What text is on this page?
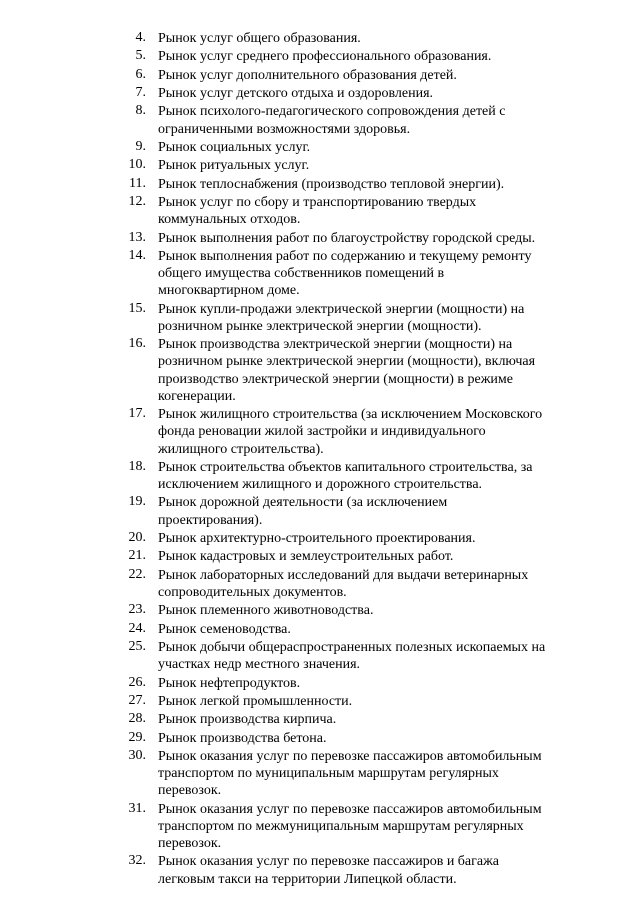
4. Рынок услуг общего образования.
5. Рынок услуг среднего профессионального образования.
6. Рынок услуг дополнительного образования детей.
7. Рынок услуг детского отдыха и оздоровления.
8. Рынок психолого-педагогического сопровождения детей с
ограниченными возможностями здоровья.
9. Рынок социальных услуг.
10. Рынок ритуальных услуг.
11. Рынок теплоснабжения (производство тепловой энергии).
12. Рынок услуг по сбору и транспортированию твердых
коммунальных отходов.
13. Рынок выполнения работ по благоустройству городской среды.
14. Рынок выполнения работ по содержанию и текущему ремонту
общего имущества собственников помещений в
многоквартирном доме.
15. Рынок купли-продажи электрической энергии (мощности) на
розничном рынке электрической энергии (мощности).
16. Рынок производства электрической энергии (мощности) на
розничном рынке электрической энергии (мощности), включая
производство электрической энергии (мощности) в режиме
когенерации.
17. Рынок жилищного строительства (за исключением Московского
фонда реновации жилой застройки и индивидуального
жилищного строительства).
18. Рынок строительства объектов капитального строительства, за
исключением жилищного и дорожного строительства.
19. Рынок дорожной деятельности (за исключением
проектирования).
20. Рынок архитектурно-строительного проектирования.
21. Рынок кадастровых и землеустроительных работ.
22. Рынок лабораторных исследований для выдачи ветеринарных
сопроводительных документов.
23. Рынок племенного животноводства.
24. Рынок семеноводства.
25. Рынок добычи общераспространенных полезных ископаемых на
участках недр местного значения.
26. Рынок нефтепродуктов.
27. Рынок легкой промышленности.
28. Рынок производства кирпича.
29. Рынок производства бетона.
30. Рынок оказания услуг по перевозке пассажиров автомобильным
транспортом по муниципальным маршрутам регулярных
перевозок.
31. Рынок оказания услуг по перевозке пассажиров автомобильным
транспортом по межмуниципальным маршрутам регулярных
перевозок.
32. Рынок оказания услуг по перевозке пассажиров и багажа
легковым такси на территории Липецкой области.
